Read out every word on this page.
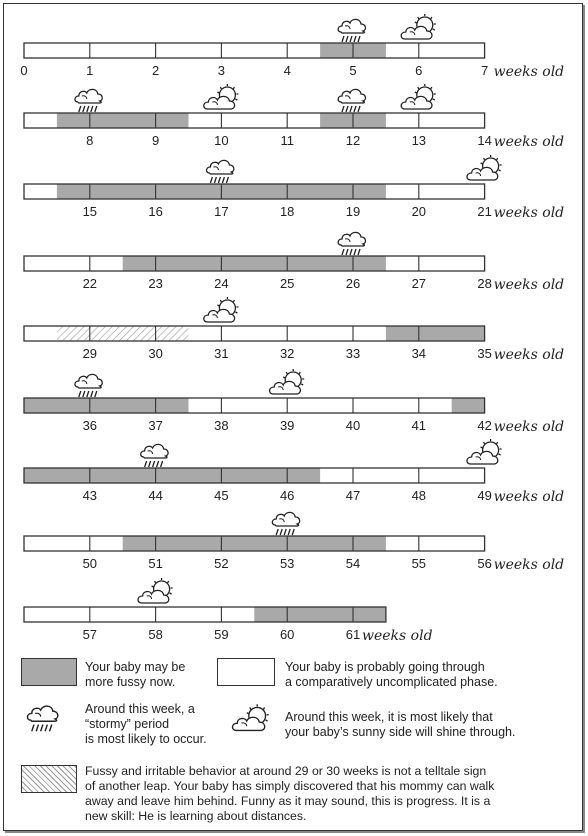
0	1	2	3	4	5	6	7 weeks old
8	9	10	11	12	13	14 weeks old
15	16	17	18	19	20	21 weeks old
22	23	24	25	26	27	28 weeks old
29	30	31	32	33	34	35 weeks old
36	37	38	39	40	41	42 weeks old
43	44	45	46	47	48	49 weeks old
50	51	52	53	54	55	56 weeks old
57	58	59	60	61 weeks old
Your baby may be
more fussy now.
Your baby is probably going through
a comparatively uncomplicated phase.
Around this week, a
“stormy” period
is most likely to occur.
Around this week, it is most likely that
your baby’s sunny side will shine through.
Fussy and irritable behavior at around 29 or 30 weeks is not a telltale sign
of another leap. Your baby has simply discovered that his mommy can walk
away and leave him behind. Funny as it may sound, this is progress. It is a
new skill: He is learning about distances.
